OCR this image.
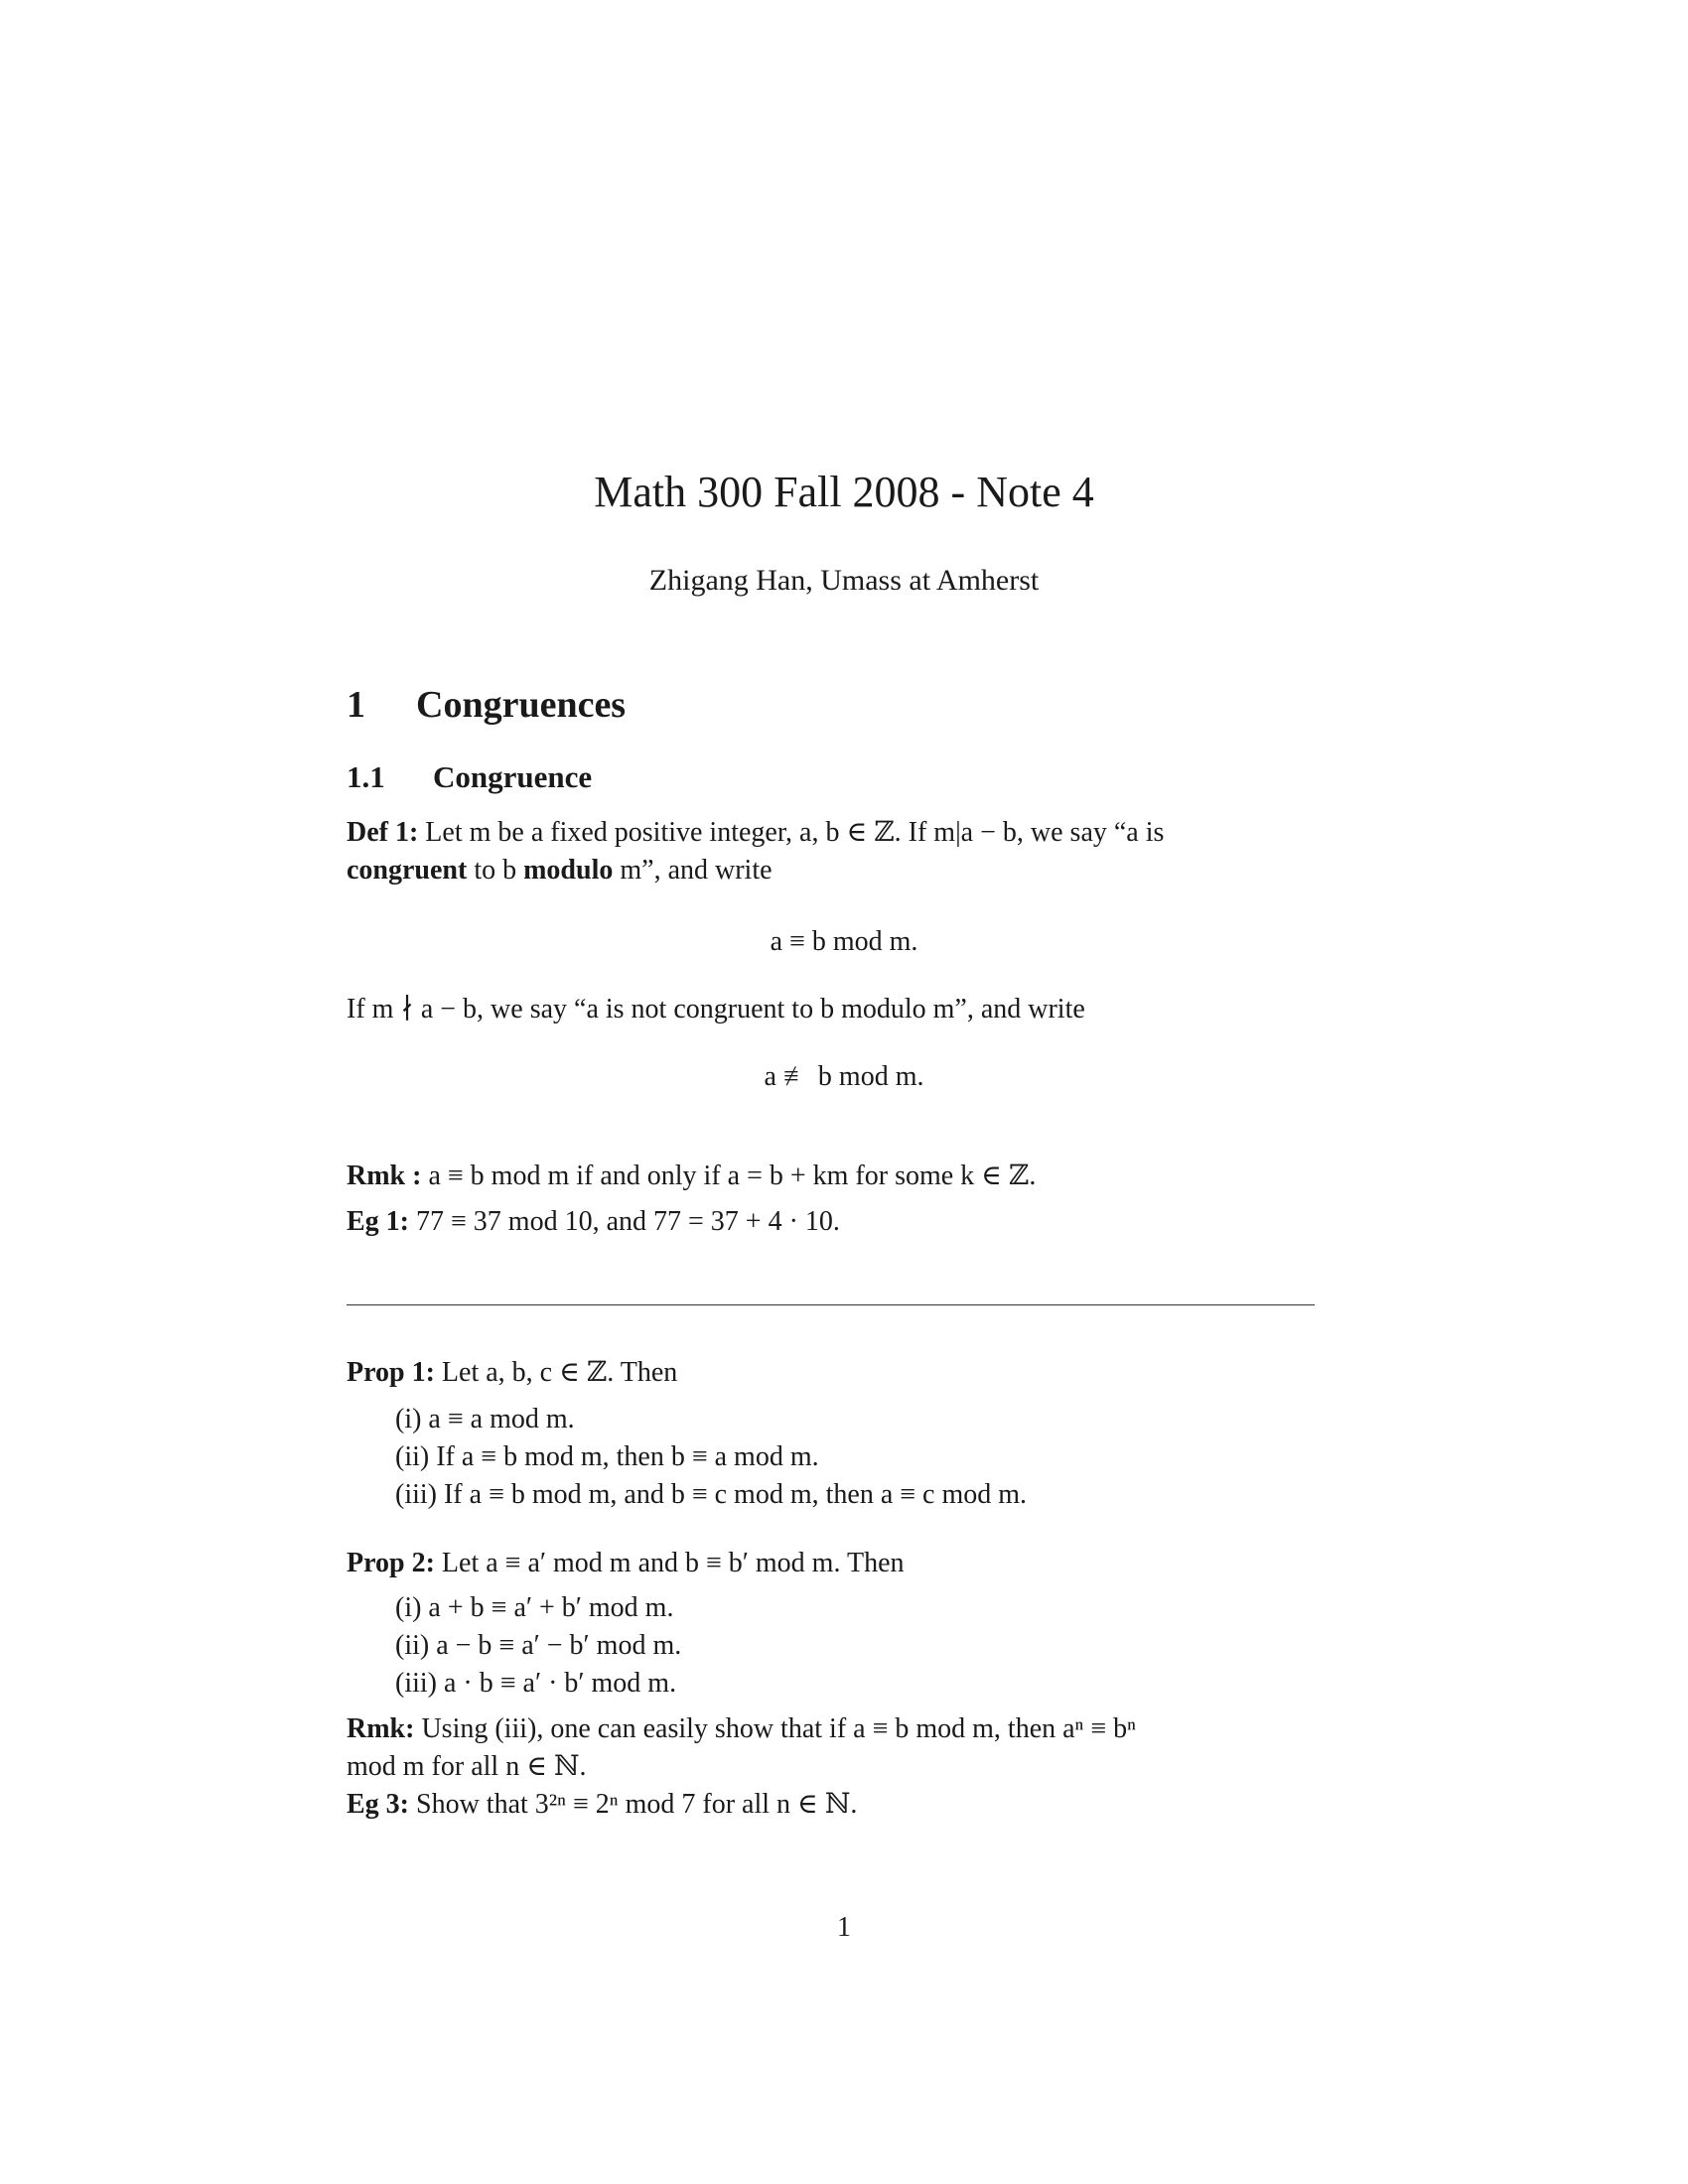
Math 300 Fall 2008 - Note 4
Zhigang Han, Umass at Amherst
1 Congruences
1.1 Congruence
Def 1: Let m be a fixed positive integer, a, b ∈ ℤ. If m|a − b, we say “a is
congruent to b modulo m”, and write
a ≡ b mod m.
If m ∤ a − b, we say “a is not congruent to b modulo m”, and write
a ≢ b mod m.
Rmk : a ≡ b mod m if and only if a = b + km for some k ∈ ℤ.
Eg 1: 77 ≡ 37 mod 10, and 77 = 37 + 4 · 10.
Prop 1: Let a, b, c ∈ ℤ. Then
(i) a ≡ a mod m.
(ii) If a ≡ b mod m, then b ≡ a mod m.
(iii) If a ≡ b mod m, and b ≡ c mod m, then a ≡ c mod m.
Prop 2: Let a ≡ a′ mod m and b ≡ b′ mod m. Then
(i) a + b ≡ a′ + b′ mod m.
(ii) a − b ≡ a′ − b′ mod m.
(iii) a · b ≡ a′ · b′ mod m.
Rmk: Using (iii), one can easily show that if a ≡ b mod m, then aⁿ ≡ bⁿ
mod m for all n ∈ ℕ.
Eg 3: Show that 3²ⁿ ≡ 2ⁿ mod 7 for all n ∈ ℕ.
1
